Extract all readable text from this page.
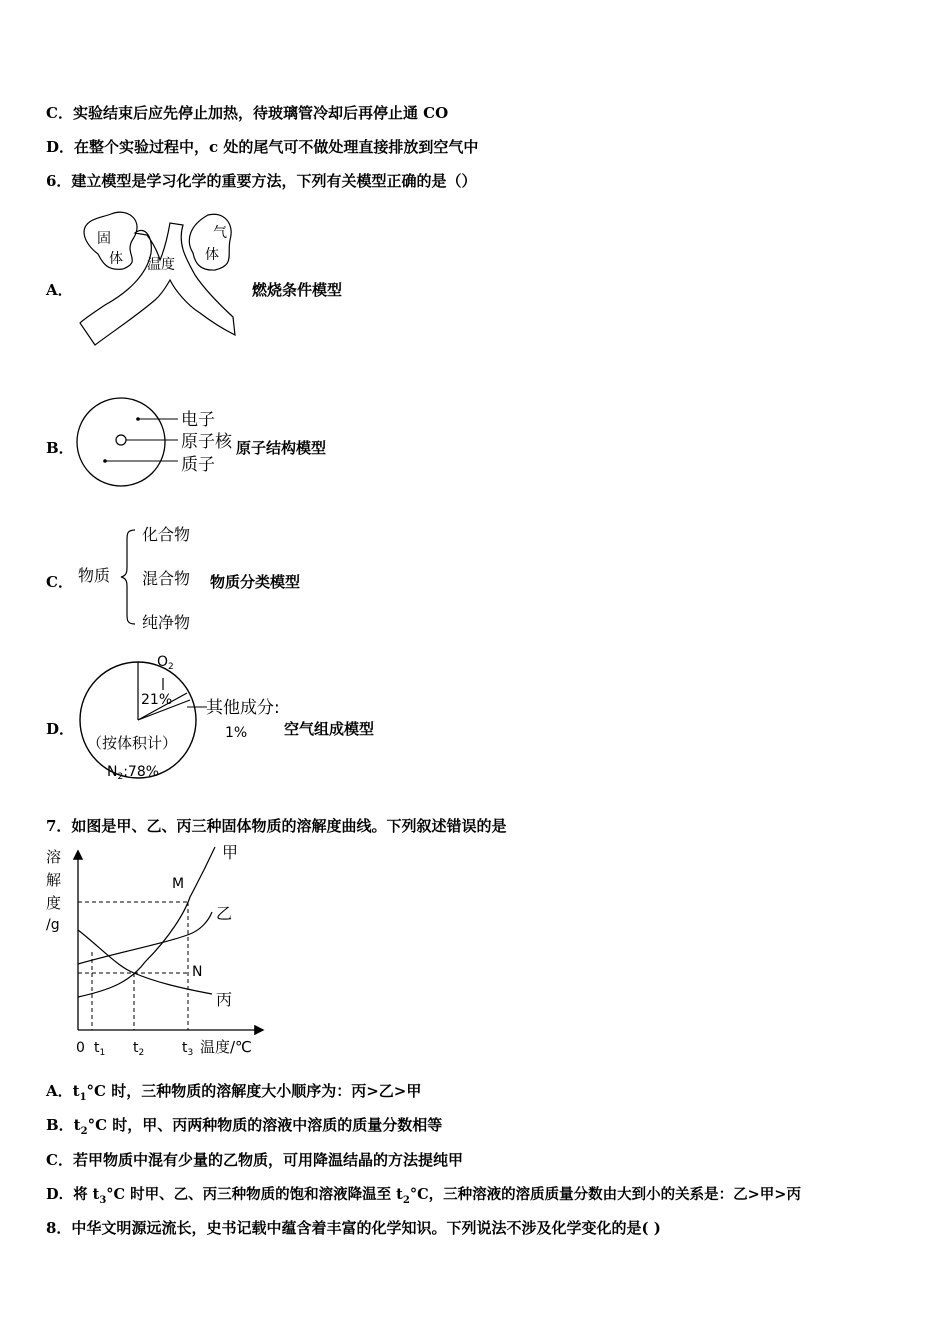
C．实验结束后应先停止加热，待玻璃管冷却后再停止通 CO
D．在整个实验过程中，c 处的尾气可不做处理直接排放到空气中
6．建立模型是学习化学的重要方法，下列有关模型正确的是（）
A．
固
体
气
体
温度
燃烧条件模型
B．
电子
原子核
质子
原子结构模型
C． 物质
化合物
混合物
纯净物
物质分类模型
D．
$O_2$
21% 其他成分:
1%
（按体积计）
$N_2:78\%$
空气组成模型
7．如图是甲、乙、丙三种固体物质的溶解度曲线。下列叙述错误的是
溶
解
度
/g
甲
乙
丙
M
N
0 $t_1$ $t_2$	$t_3$ 温度/℃
A．$t_1^\circ C$ 时，三种物质的溶解度大小顺序为：丙>乙>甲
B．$t_2^\circ C$ 时，甲、丙两种物质的溶液中溶质的质量分数相等
C．若甲物质中混有少量的乙物质，可用降温结晶的方法提纯甲
D．将 $t_3^\circ C$ 时甲、乙、丙三种物质的饱和溶液降温至 $t_2^\circ C$，三种溶液的溶质质量分数由大到小的关系是：乙>甲>丙
8．中华文明源远流长，史书记载中蕴含着丰富的化学知识。下列说法不涉及化学变化的是( )
